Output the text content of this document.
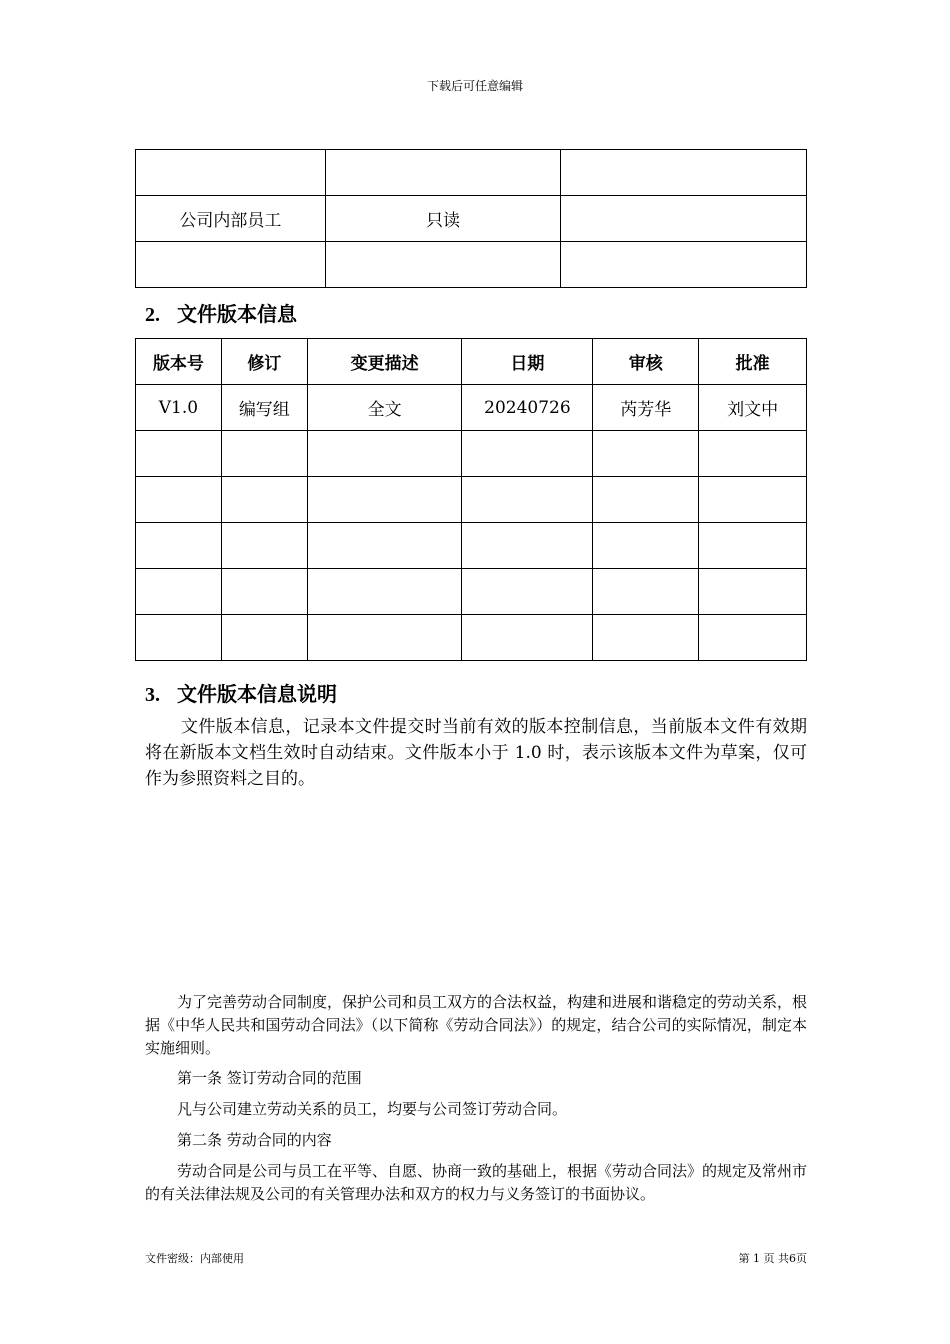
下载后可任意编辑

公司内部员工	只读	

2. 文件版本信息
版本号	修订	变更描述	日期	审核	批准
V1.0	编写组	全文	20240726	芮芳华	刘文中

3. 文件版本信息说明
文件版本信息，记录本文件提交时当前有效的版本控制信息，当前版本文件有效期将在新版本文档生效时自动结束。文件版本小于 1.0 时，表示该版本文件为草案，仅可作为参照资料之目的。
为了完善劳动合同制度，保护公司和员工双方的合法权益，构建和进展和谐稳定的劳动关系，根据《中华人民共和国劳动合同法》（以下简称《劳动合同法》）的规定，结合公司的实际情况，制定本实施细则。
第一条 签订劳动合同的范围
凡与公司建立劳动关系的员工，均要与公司签订劳动合同。
第二条 劳动合同的内容
劳动合同是公司与员工在平等、自愿、协商一致的基础上，根据《劳动合同法》的规定及常州市的有关法律法规及公司的有关管理办法和双方的权力与义务签订的书面协议。
文件密级：内部使用	第 1 页 共6页
